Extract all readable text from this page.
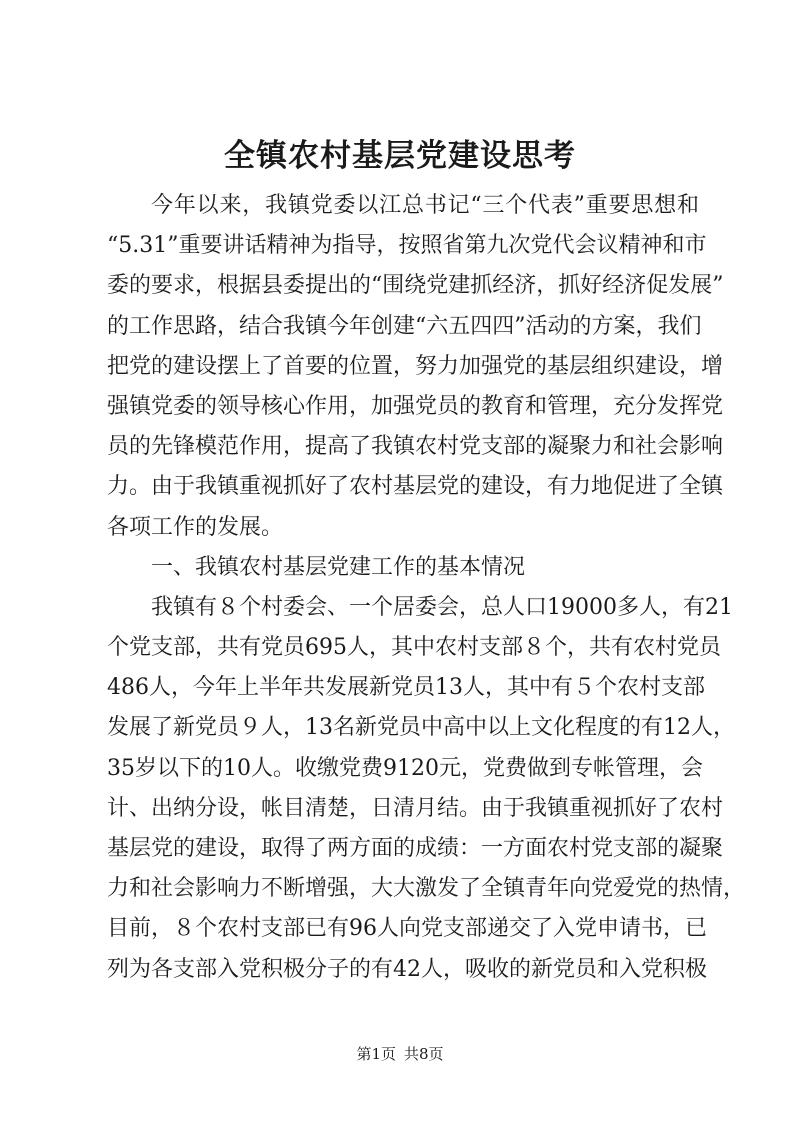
全镇农村基层党建设思考
今年以来，我镇党委以江总书记“三个代表”重要思想和
“5.31”重要讲话精神为指导，按照省第九次党代会议精神和市
委的要求，根据县委提出的“围绕党建抓经济，抓好经济促发展”
的工作思路，结合我镇今年创建“六五四四”活动的方案，我们
把党的建设摆上了首要的位置，努力加强党的基层组织建设，增
强镇党委的领导核心作用，加强党员的教育和管理，充分发挥党
员的先锋模范作用，提高了我镇农村党支部的凝聚力和社会影响
力。由于我镇重视抓好了农村基层党的建设，有力地促进了全镇
各项工作的发展。
一、我镇农村基层党建工作的基本情况
我镇有８个村委会、一个居委会，总人口19000多人，有21
个党支部，共有党员695人，其中农村支部８个，共有农村党员
486人，今年上半年共发展新党员13人，其中有５个农村支部
发展了新党员９人，13名新党员中高中以上文化程度的有12人，
35岁以下的10人。收缴党费9120元，党费做到专帐管理，会
计、出纳分设，帐目清楚，日清月结。由于我镇重视抓好了农村
基层党的建设，取得了两方面的成绩：一方面农村党支部的凝聚
力和社会影响力不断增强，大大激发了全镇青年向党爱党的热情，
目前，８个农村支部已有96人向党支部递交了入党申请书，已
列为各支部入党积极分子的有42人，吸收的新党员和入党积极
第1页 共8页
